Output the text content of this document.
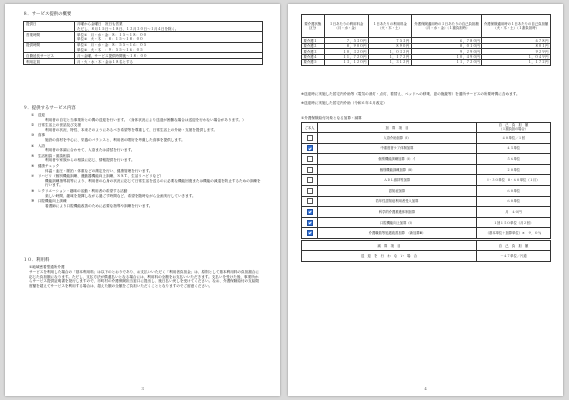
８．サービス提供の概要
提供日	月曜から金曜日　祝日も営業
ただし、８月１５日～１８日、１２月３０日～１月４日を除く。

営業時間	単位①　月・水・金：８：１５～１８：００
単位②　火・木　：８：１５～１８：００

提供時間	単位①　月・水・金：８：５５～１６：０５
単位②　火・木　：９：５５～１６：０５

自費延長サービス	月～金曜、サービス提供時間後～１８：００

利用定員	月・火・水・木・金は１８名とする
９．提供するサービス内容
①　送迎
利用者の自宅と当事業所との間の送迎を行います。（身体状況により送迎が困難な場合は送迎を行わない場合があります。）
②　日常生活上の世話及び支援
利用者の状況、特性、本来そのようにあるべき希望等を尊重して、日常生活上の介助・支援を提供します。
③　食事
施設の食材を中心に、栄養のバランスと、利用者の嗜好を考慮した食事を提供します。
④　入浴
利用者の体調に合わせて、入浴または清拭を行います。
⑤　生活相談・面談相談
利用者や家族からの相談に応じ、情報提供を行います。
⑥　健康チェック
体温・血圧・脈拍・体重などの測定を行い、健康管理を行います。
⑦　リハビリ（個別機能訓練、運動器機能向上訓練、ＳＳＴ、生活リハビリなど）
機能訓練指導員等により、利用者の心身の状況に応じて日常生活を送るのに必要な機能回復または機能の減退を防止するための訓練を行います。
⑧　レクリエーション・趣味の活動・利用者の希望する活動
楽しい時間、趣味を発揮しながら過ごす時間など、希望を随時ながら企画実行していきます。
⑨　口腔機能向上訓練
看護師により口腔機能改善のために必要な指導や訓練を行います。
１０．利用料
①地域密着型通所介護
サービスを利用した場合の「基本利用料」は以下のとおりであり、お支払いいただく「利用者負担金」は、原則として基本利用料の負担割合に応じた負担額になります。ただし、支払方法が償還払いとなる場合には、利用料の全額をお支払いいただきます。支払いを受けた後、事業所からサービス提供証明書を発行しますので、市町村の介護保険担当窓口に提出し、後日払い戻しを受けてください。なお、介護保険給付の支給限度額を超えてサービスを利用する場合は、超えた額の全額をご負担いただくこととなりますのでご留意ください。
３
要介護状態区分	１日あたりの利用料金（月・水・金）	１日あたりの利用料金（火・木・土）	介護保険適用時の１日あたりの自己負担額（月・水・金）（１割負担時）	介護保険適用時の１日あたりの自己負担額（火・木・土）（１割負担時）
要介護１	７，５３０円	７５３円	６，７８０円	６７８円
要介護２	８，９００円	８９０円	８，０１０円	８０１円
要介護３	１０，３２０円	１，０３２円	９，２９０円	９２９円
要介護４	１１，７２０円	１，１７２円	１０，４９０円	１，０４９円
要介護５	１３，１２０円	１，３１２円	１１，７２０円	１，１７２円
※送迎時に実施した居宅内介助等（電気の消灯・点灯、着替え、ベッドへの移乗、窓の施錠等）を通所サービスの所要時間に含めます。
※送迎時に実施した居宅内介助（令和６年４月改定）
①介護保険給付対象となる加算・減算
ご本人	加　算　項　目	自　己　負　担　額
（１割負担の場合）
	入浴介助加算（Ⅰ）	４０単位／１回
	中重度者ケア体制加算	４５単位
	個別機能訓練加算（Ⅰ）イ	５６単位
	個別機能訓練加算（Ⅱ）	２０単位
	ＡＤＬ維持等加算	Ⅰ・３０単位　Ⅱ・６０単位（１月）
	認知症加算	６０単位
	若年性認知症利用者受入加算	６０単位
	科学的介護推進体制加算	月　４０円
	口腔機能向上加算（Ⅰ）	１回１５０単位（月２回）
	介護職員等処遇改善加算　（新加算Ⅲ）	（基本単位＋加算単位）×　９．０％
減　算　項　目	自　己　負　担　額
送　迎　を　行　わ　な　い　場　合	－４７単位／片道
４
